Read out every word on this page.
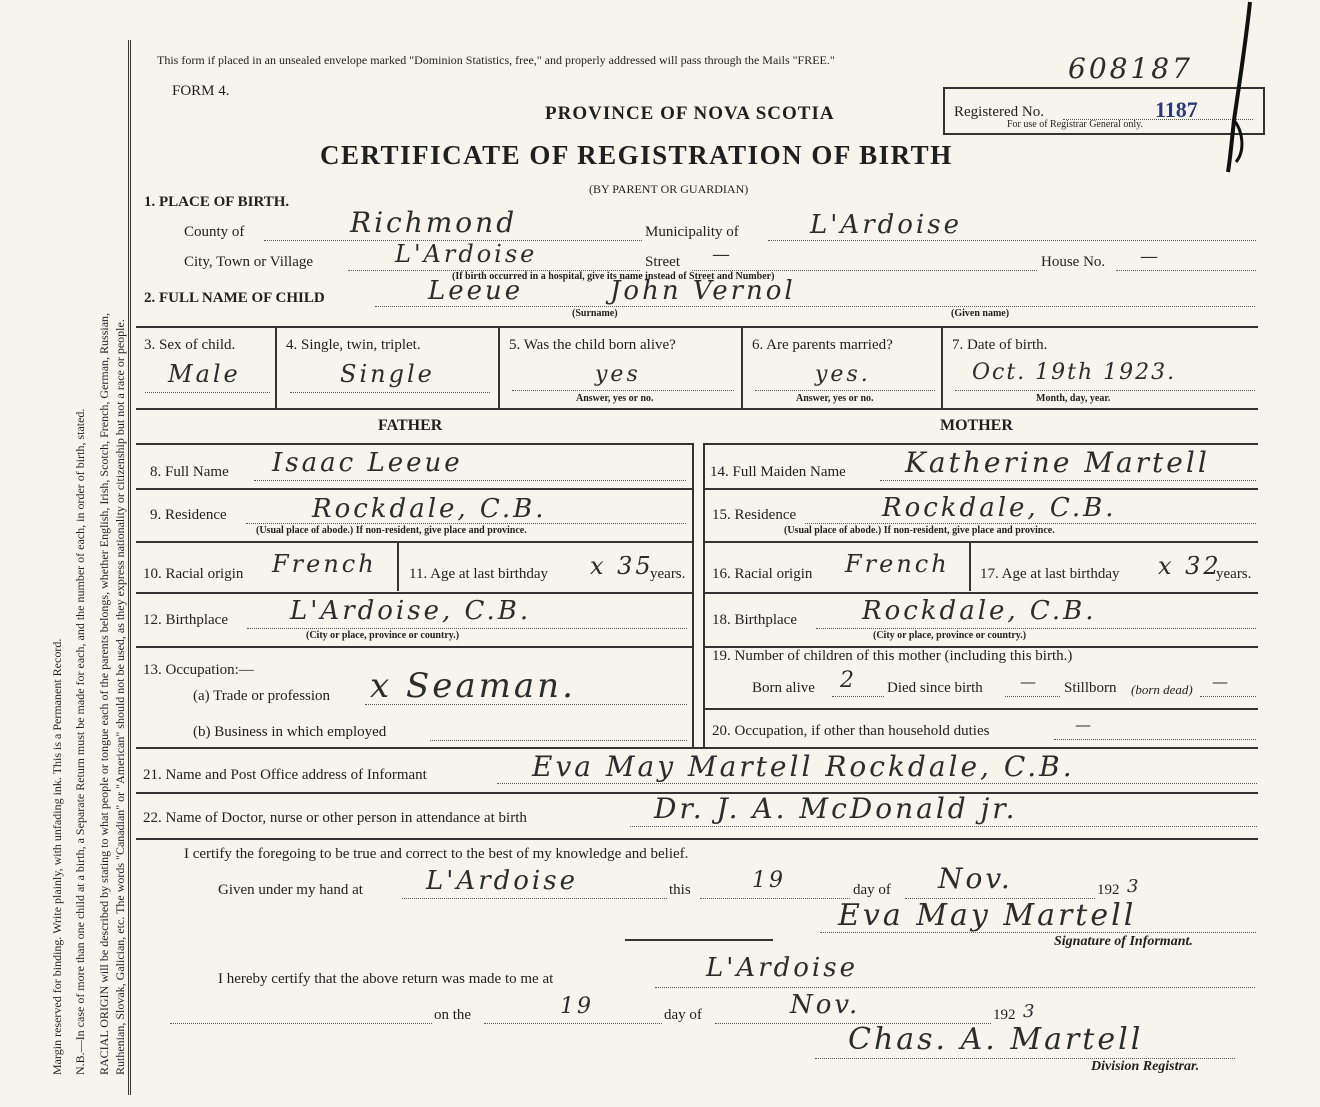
Margin reserved for binding. Write plainly, with unfading ink. This is a Permanent Record. N.B.—In case of more than one child at a birth, a Separate Return must be made for each, and the number of each, in order of birth, stated. RACIAL ORIGIN will be described by stating to what people or tongue each of the parents belongs, whether English, Irish, Scotch, French, German, Russian, Ruthenian, Slovak, Galician, etc. The words "Canadian" or "American" should not be used, as they express nationality or citizenship but not a race or people.
This form if placed in an unsealed envelope marked "Dominion Statistics, free," and properly addressed will pass through the Mails "FREE."	608187
FORM 4.
PROVINCE OF NOVA SCOTIA	Registered No.	1187
For use of Registrar General only.
CERTIFICATE OF REGISTRATION OF BIRTH
(BY PARENT OR GUARDIAN)
1. PLACE OF BIRTH.
County of	Richmond	Municipality of	L'Ardoise
City, Town or Village	L'Ardoise	Street —	House No. —
(If birth occurred in a hospital, give its name instead of Street and Number)
2. FULL NAME OF CHILD	Leeue	John Vernol
(Surname)	(Given name)
3. Sex of child.
Male
4. Single, twin, triplet.
Single
5. Was the child born alive?
yes
Answer, yes or no.
6. Are parents married?
yes.
Answer, yes or no.
7. Date of birth.
Oct. 19th 1923.
Month, day, year.
FATHER	MOTHER
8. Full Name Isaac Leeue
9. Residence	Rockdale, C.B.
(Usual place of abode.) If non-resident, give place and province.
10. Racial origin French 11. Age at last birthday x 35
years.
12. Birthplace L'Ardoise, C.B.
(City or place, province or country.)
13. Occupation:—
(a) Trade or profession x Seaman.
(b) Business in which employed
14. Full Maiden Name Katherine Martell
15. Residence	Rockdale, C.B.
(Usual place of abode.) If non-resident, give place and province.
16. Racial origin French 17. Age at last birthday x 32
years.
18. Birthplace	Rockdale, C.B.
(City or place, province or country.)
19. Number of children of this mother (including this birth.)
Born alive 2 Died since birth — Stillborn (born dead) —
20. Occupation, if other than household duties	—
21. Name and Post Office address of Informant	Eva May Martell Rockdale, C.B.
22. Name of Doctor, nurse or other person in attendance at birth	Dr. J. A. McDonald jr.
I certify the foregoing to be true and correct to the best of my knowledge and belief.
Given under my hand at L'Ardoise	this	19	day of Nov.	192 3
Eva May Martell
Signature of Informant.
I hereby certify that the above return was made to me at	L'Ardoise
on the	19	day of	Nov.	192 3
Chas. A. Martell
Division Registrar.
